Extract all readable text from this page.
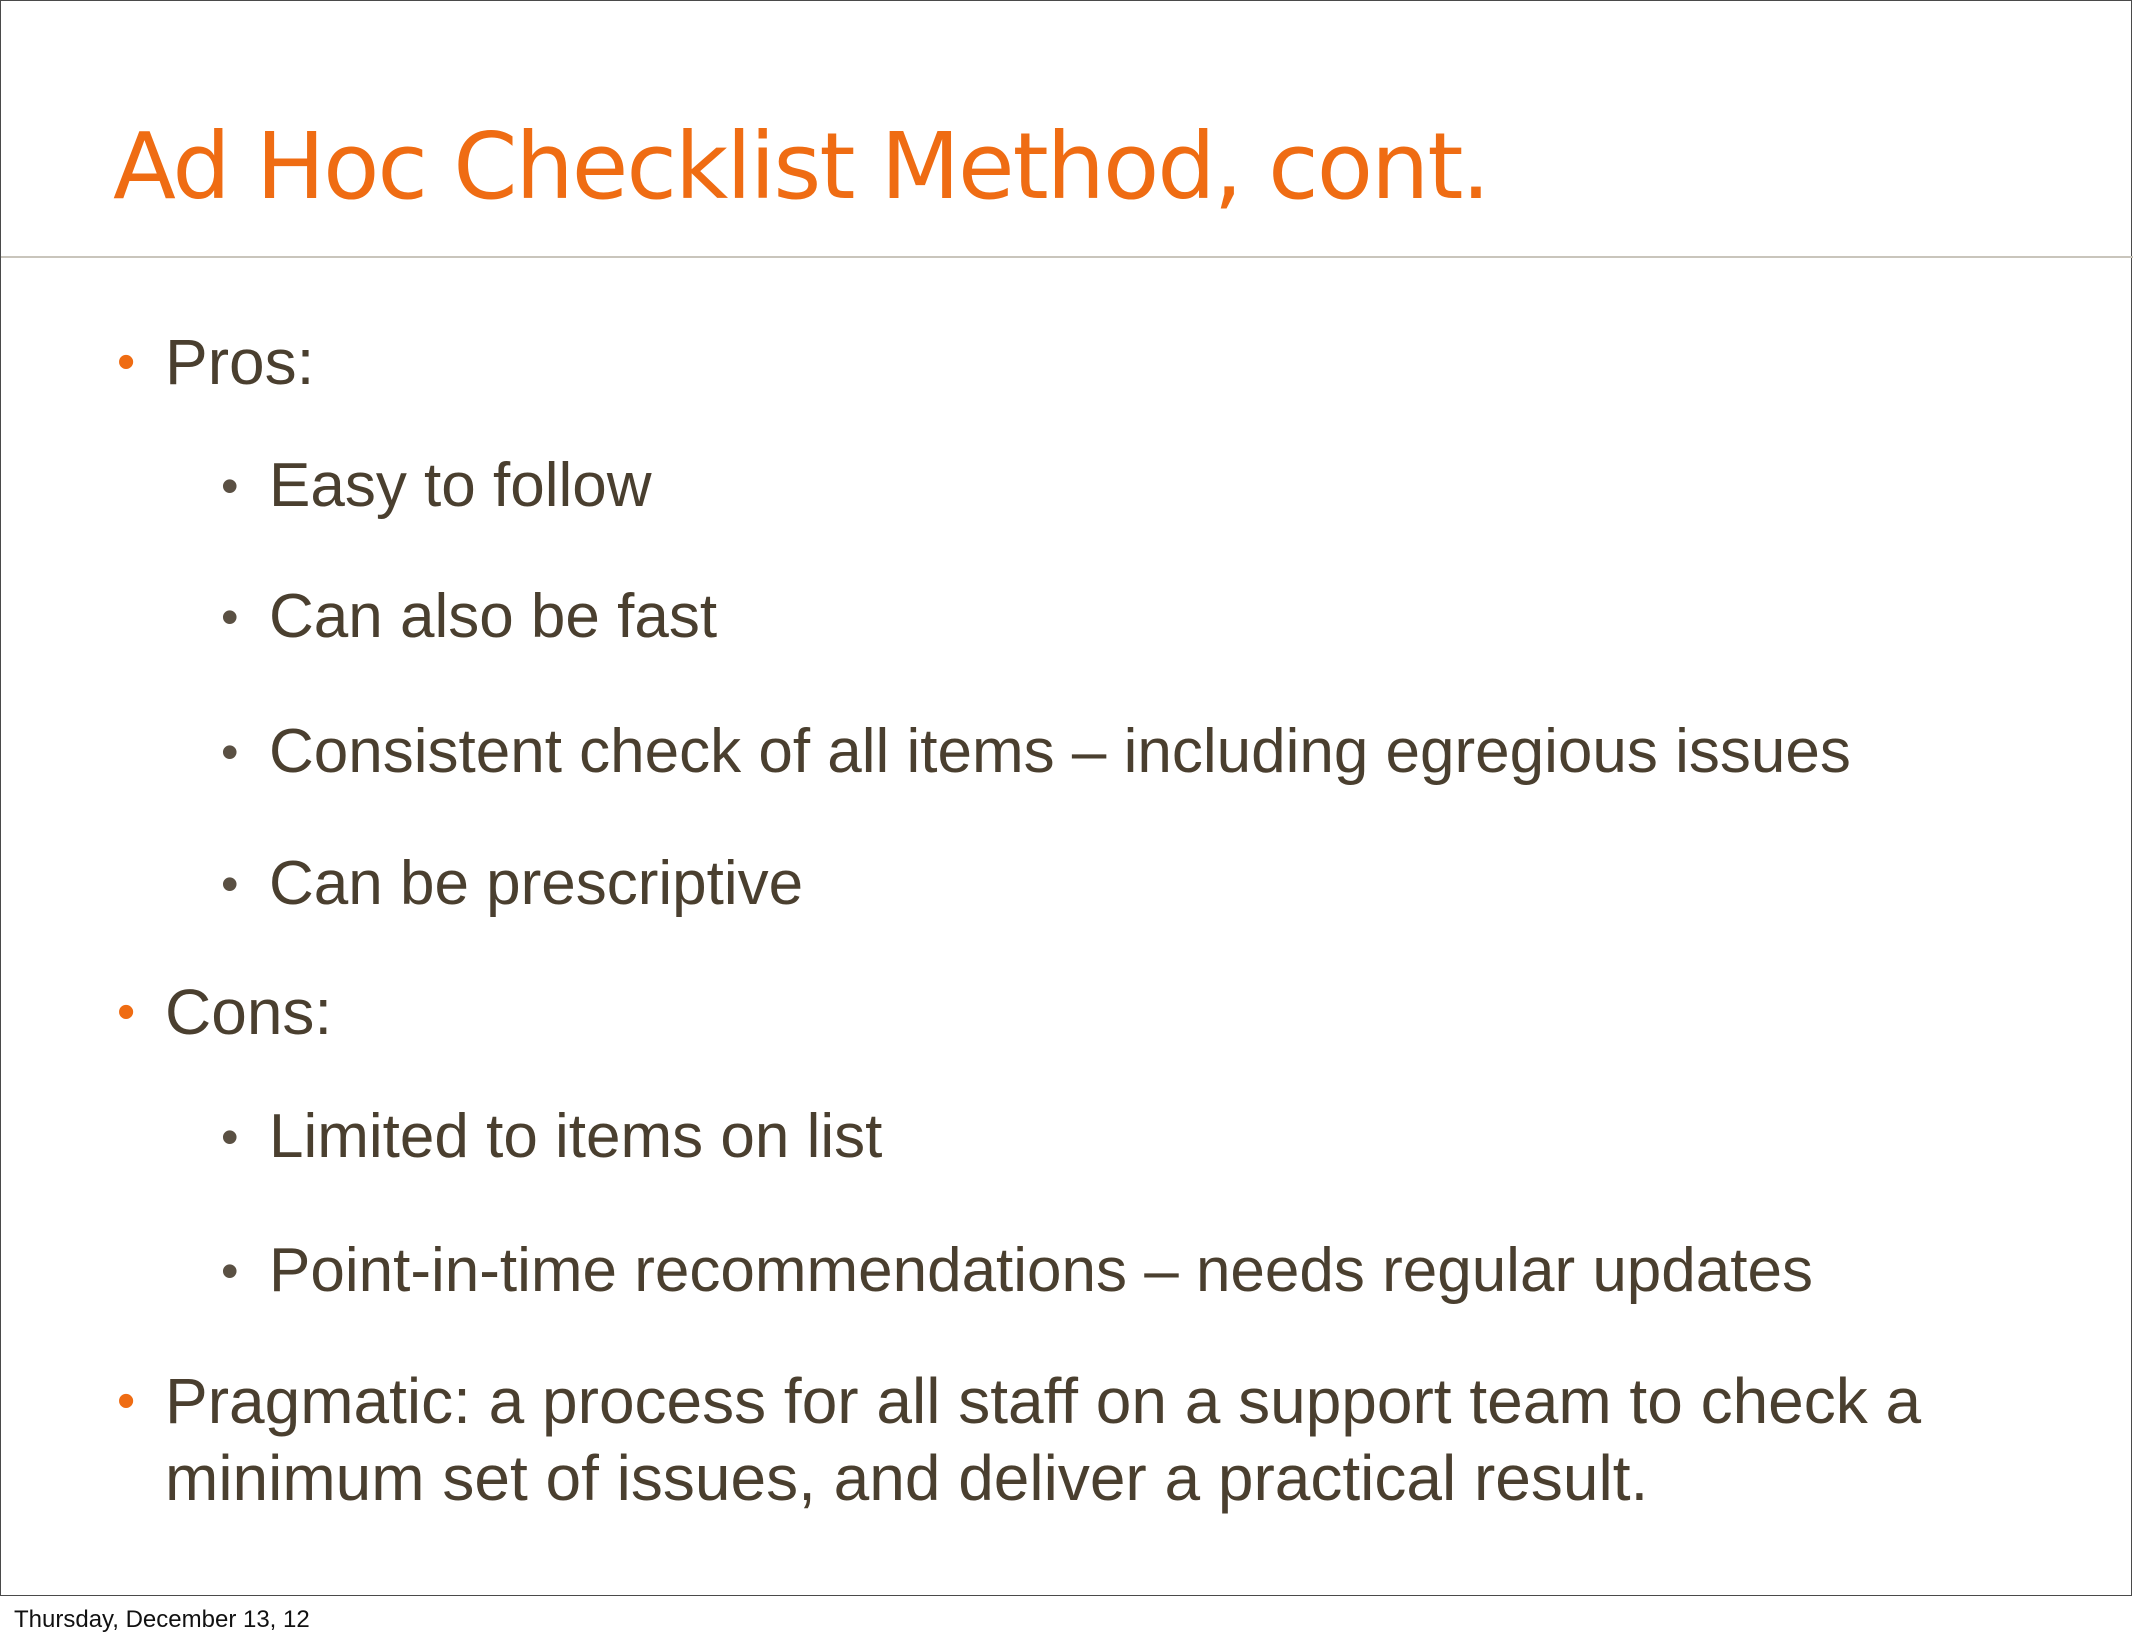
Ad Hoc Checklist Method, cont.
• Pros:
• Easy to follow
• Can also be fast
• Consistent check of all items – including egregious issues
• Can be prescriptive
• Cons:
• Limited to items on list
• Point-in-time recommendations – needs regular updates
• Pragmatic: a process for all staff on a support team to check a
minimum set of issues, and deliver a practical result.
Thursday, December 13, 12
